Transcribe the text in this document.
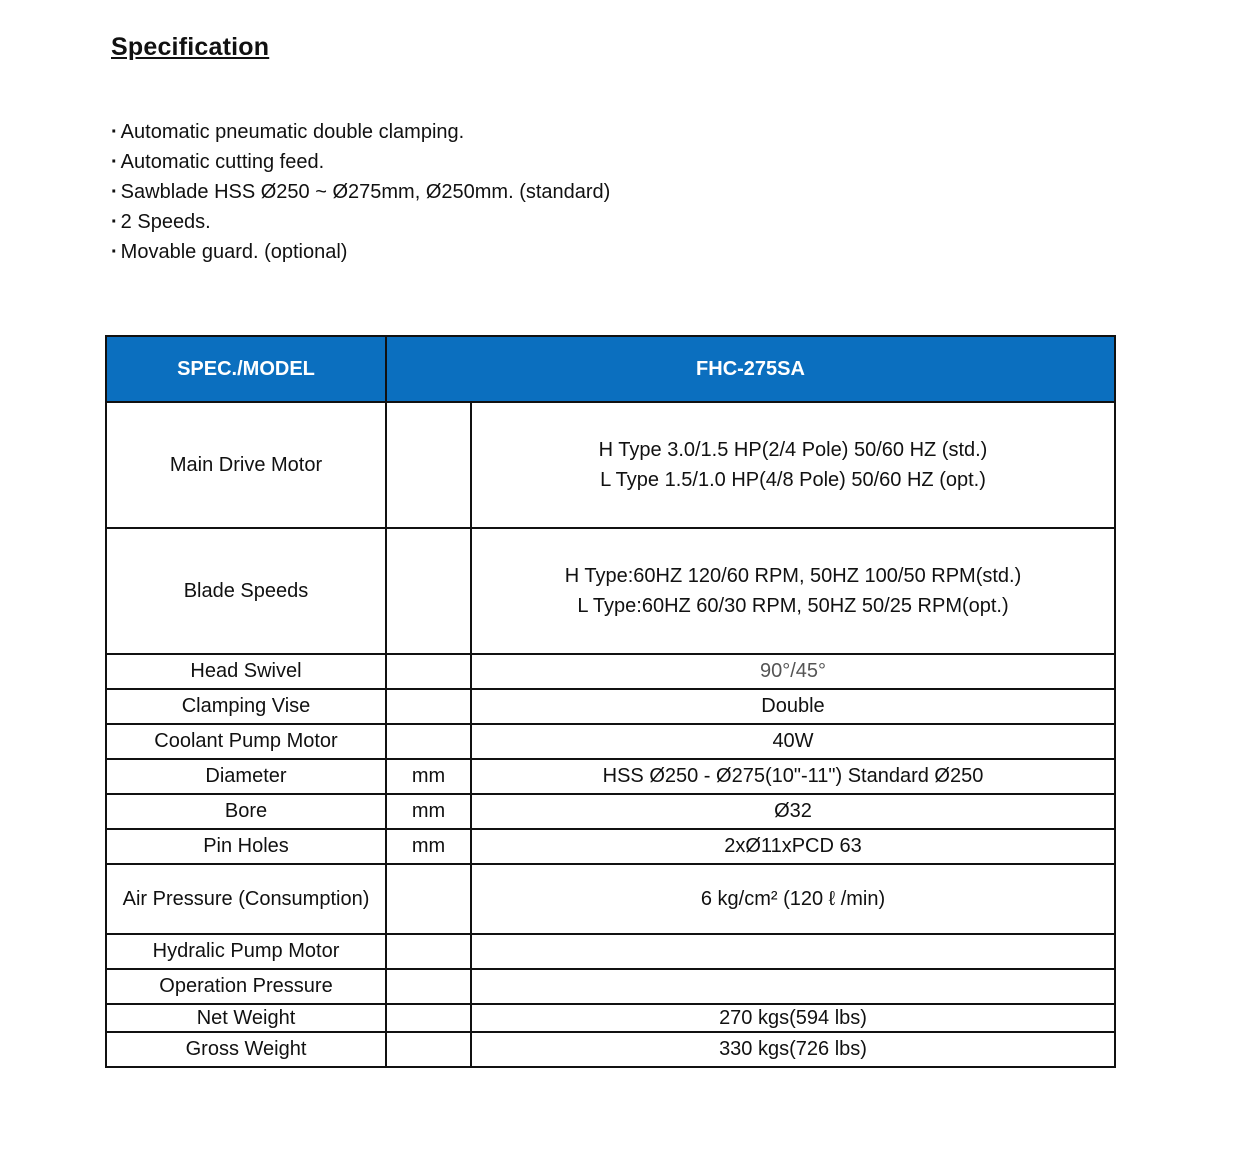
Specification
· Automatic pneumatic double clamping.
· Automatic cutting feed.
· Sawblade HSS Ø250 ~ Ø275mm, Ø250mm. (standard)
· 2 Speeds.
· Movable guard. (optional)
SPEC./MODEL	FHC-275SA	
Main Drive Motor		H Type 3.0/1.5 HP(2/4 Pole) 50/60 HZ (std.)
L Type 1.5/1.0 HP(4/8 Pole) 50/60 HZ (opt.)

Blade Speeds		H Type:60HZ 120/60 RPM, 50HZ 100/50 RPM(std.)
L Type:60HZ 60/30 RPM, 50HZ 50/25 RPM(opt.)

Head Swivel		90°/45°
Clamping Vise		Double
Coolant Pump Motor		40W
Diameter	mm	HSS Ø250 - Ø275(10"-11") Standard Ø250
Bore	mm	Ø32
Pin Holes	mm	2xØ11xPCD 63
Air Pressure (Consumption)		6 kg/cm² (120 ℓ /min)
Hydralic Pump Motor		
Operation Pressure		
Net Weight		270 kgs(594 lbs)
Gross Weight		330 kgs(726 lbs)
